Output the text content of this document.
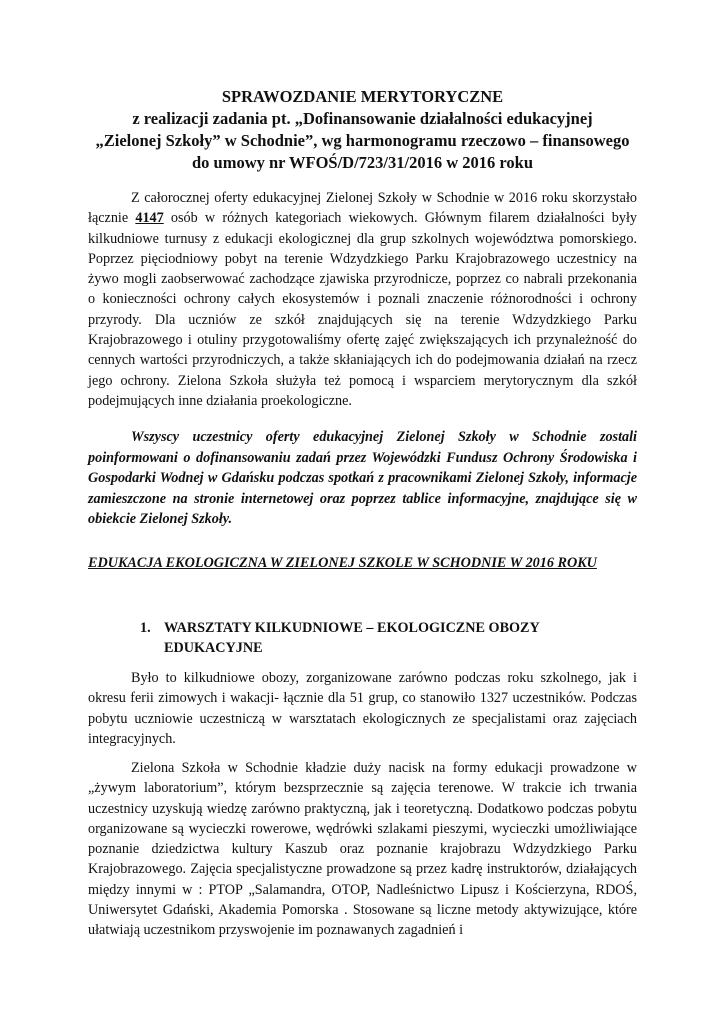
SPRAWOZDANIE MERYTORYCZNE
z realizacji zadania pt. „Dofinansowanie działalności edukacyjnej
„Zielonej Szkoły” w Schodnie”, wg harmonogramu rzeczowo – finansowego
do umowy nr WFOŚ/D/723/31/2016 w 2016 roku

Z całorocznej oferty edukacyjnej Zielonej Szkoły w Schodnie w 2016 roku skorzystało łącznie 4147 osób w różnych kategoriach wiekowych. Głównym filarem działalności były kilkudniowe turnusy z edukacji ekologicznej dla grup szkolnych województwa pomorskiego. Poprzez pięciodniowy pobyt na terenie Wdzydzkiego Parku Krajobrazowego uczestnicy na żywo mogli zaobserwować zachodzące zjawiska przyrodnicze, poprzez co nabrali przekonania o konieczności ochrony całych ekosystemów i poznali znaczenie różnorodności i ochrony przyrody. Dla uczniów ze szkół znajdujących się na terenie Wdzydzkiego Parku Krajobrazowego i otuliny przygotowaliśmy ofertę zajęć zwiększających ich przynależność do cennych wartości przyrodniczych, a także skłaniających ich do podejmowania działań na rzecz jego ochrony. Zielona Szkoła służyła też pomocą i wsparciem merytorycznym dla szkół podejmujących inne działania proekologiczne.

Wszyscy uczestnicy oferty edukacyjnej Zielonej Szkoły w Schodnie zostali poinformowani o dofinansowaniu zadań przez Wojewódzki Fundusz Ochrony Środowiska i Gospodarki Wodnej w Gdańsku podczas spotkań z pracownikami Zielonej Szkoły, informacje zamieszczone na stronie internetowej oraz poprzez tablice informacyjne, znajdujące się w obiekcie Zielonej Szkoły.

EDUKACJA EKOLOGICZNA W ZIELONEJ SZKOLE W SCHODNIE W 2016 ROKU
1. WARSZTATY KILKUDNIOWE – EKOLOGICZNE OBOZY EDUKACYJNE

Było to kilkudniowe obozy, zorganizowane zarówno podczas roku szkolnego, jak i okresu ferii zimowych i wakacji- łącznie dla 51 grup, co stanowiło 1327 uczestników. Podczas pobytu uczniowie uczestniczą w warsztatach ekologicznych ze specjalistami oraz zajęciach integracyjnych.

Zielona Szkoła w Schodnie kładzie duży nacisk na formy edukacji prowadzone w „żywym laboratorium”, którym bezsprzecznie są zajęcia terenowe. W trakcie ich trwania uczestnicy uzyskują wiedzę zarówno praktyczną, jak i teoretyczną. Dodatkowo podczas pobytu organizowane są wycieczki rowerowe, wędrówki szlakami pieszymi, wycieczki umożliwiające poznanie dziedzictwa kultury Kaszub oraz poznanie krajobrazu Wdzydzkiego Parku Krajobrazowego. Zajęcia specjalistyczne prowadzone są przez kadrę instruktorów, działających między innymi w : PTOP „Salamandra, OTOP, Nadleśnictwo Lipusz i Kościerzyna, RDOŚ, Uniwersytet Gdański, Akademia Pomorska . Stosowane są liczne metody aktywizujące, które ułatwiają uczestnikom przyswojenie im poznawanych zagadnień i
